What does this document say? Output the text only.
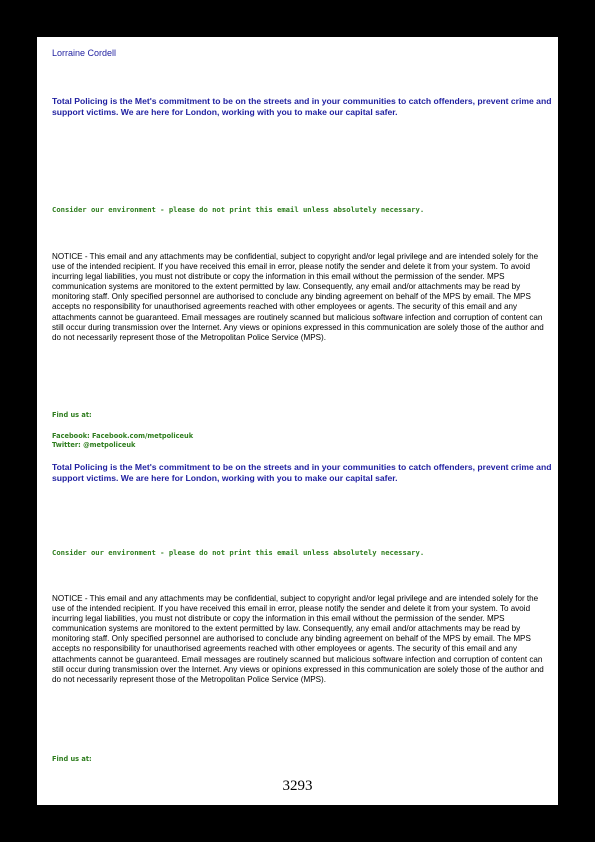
Lorraine Cordell

Total Policing is the Met's commitment to be on the streets and in your communities to catch offenders, prevent crime and support victims. We are here for London, working with you to make our capital safer.

Consider our environment - please do not print this email unless absolutely necessary.

NOTICE - This email and any attachments may be confidential, subject to copyright and/or legal privilege and are intended solely for the use of the intended recipient. If you have received this email in error, please notify the sender and delete it from your system. To avoid incurring legal liabilities, you must not distribute or copy the information in this email without the permission of the sender. MPS communication systems are monitored to the extent permitted by law. Consequently, any email and/or attachments may be read by monitoring staff. Only specified personnel are authorised to conclude any binding agreement on behalf of the MPS by email. The MPS accepts no responsibility for unauthorised agreements reached with other employees or agents. The security of this email and any attachments cannot be guaranteed. Email messages are routinely scanned but malicious software infection and corruption of content can still occur during transmission over the Internet. Any views or opinions expressed in this communication are solely those of the author and do not necessarily represent those of the Metropolitan Police Service (MPS).

Find us at:

Facebook: Facebook.com/metpoliceuk

Twitter: @metpoliceuk

Total Policing is the Met's commitment to be on the streets and in your communities to catch offenders, prevent crime and support victims. We are here for London, working with you to make our capital safer.

Consider our environment - please do not print this email unless absolutely necessary.

NOTICE - This email and any attachments may be confidential, subject to copyright and/or legal privilege and are intended solely for the use of the intended recipient. If you have received this email in error, please notify the sender and delete it from your system. To avoid incurring legal liabilities, you must not distribute or copy the information in this email without the permission of the sender. MPS communication systems are monitored to the extent permitted by law. Consequently, any email and/or attachments may be read by monitoring staff. Only specified personnel are authorised to conclude any binding agreement on behalf of the MPS by email. The MPS accepts no responsibility for unauthorised agreements reached with other employees or agents. The security of this email and any attachments cannot be guaranteed. Email messages are routinely scanned but malicious software infection and corruption of content can still occur during transmission over the Internet. Any views or opinions expressed in this communication are solely those of the author and do not necessarily represent those of the Metropolitan Police Service (MPS).

Find us at:

3293
